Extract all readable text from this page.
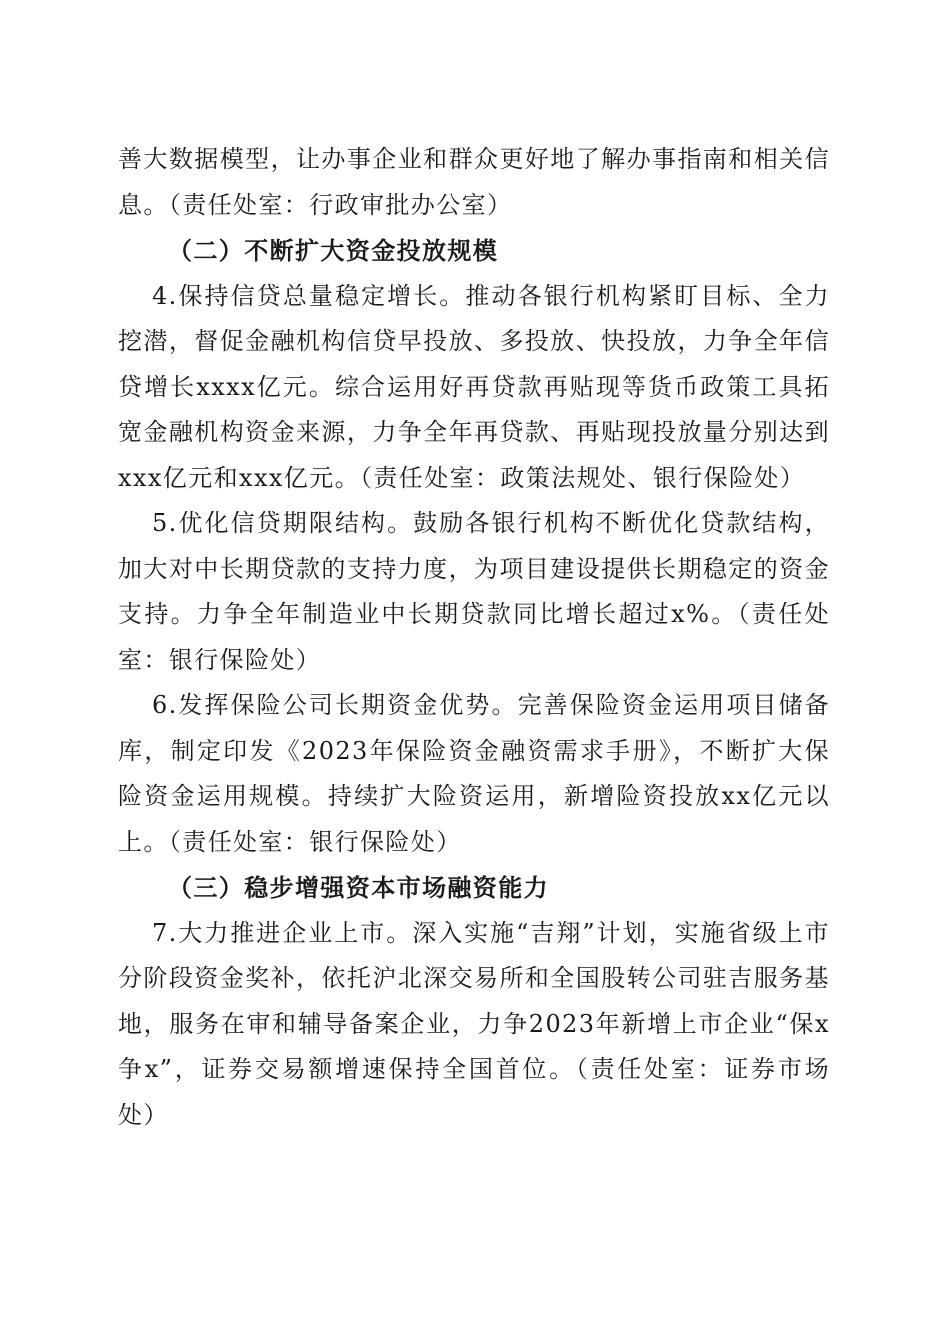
善大数据模型，让办事企业和群众更好地了解办事指南和相关信息。（责任处室：行政审批办公室）

（二）不断扩大资金投放规模

4.保持信贷总量稳定增长。推动各银行机构紧盯目标、全力挖潜，督促金融机构信贷早投放、多投放、快投放，力争全年信贷增长xxxx亿元。综合运用好再贷款再贴现等货币政策工具拓宽金融机构资金来源，力争全年再贷款、再贴现投放量分别达到xxx亿元和xxx亿元。（责任处室：政策法规处、银行保险处）

5.优化信贷期限结构。鼓励各银行机构不断优化贷款结构，加大对中长期贷款的支持力度，为项目建设提供长期稳定的资金支持。力争全年制造业中长期贷款同比增长超过x%。（责任处室：银行保险处）

6.发挥保险公司长期资金优势。完善保险资金运用项目储备库，制定印发《2023年保险资金融资需求手册》，不断扩大保险资金运用规模。持续扩大险资运用，新增险资投放xx亿元以上。（责任处室：银行保险处）

（三）稳步增强资本市场融资能力

7.大力推进企业上市。深入实施“吉翔”计划，实施省级上市分阶段资金奖补，依托沪北深交易所和全国股转公司驻吉服务基地，服务在审和辅导备案企业，力争2023年新增上市企业“保x争x”，证券交易额增速保持全国首位。（责任处室：证券市场处）
